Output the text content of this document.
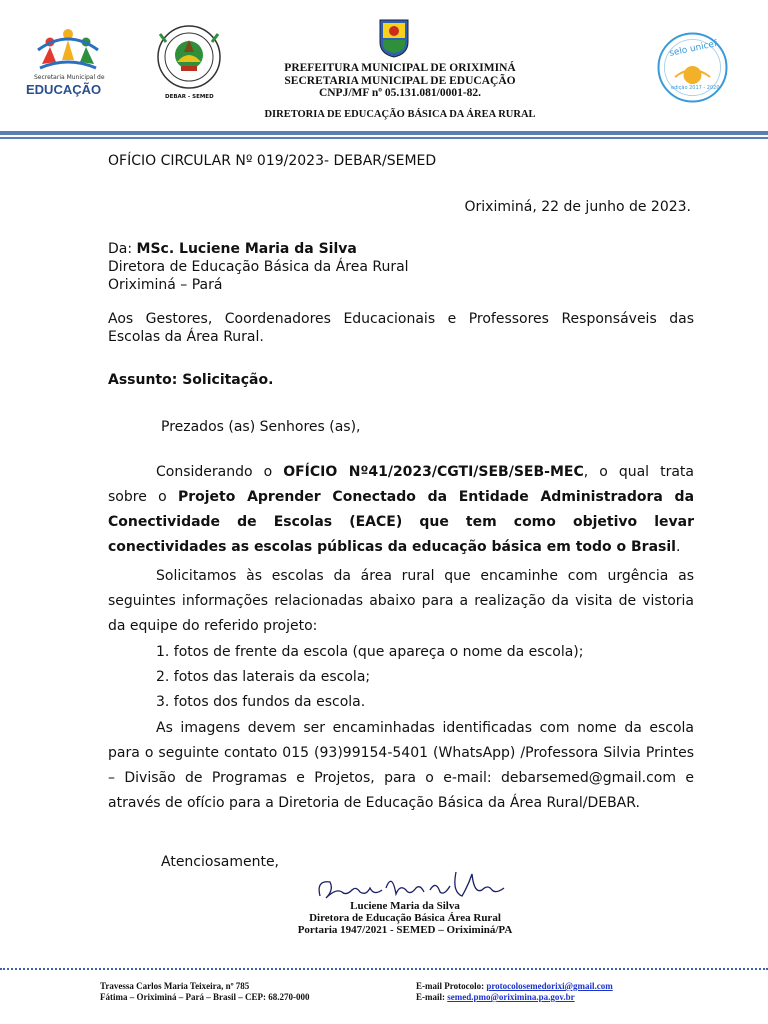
Secretaria Municipal de
EDUCAÇÃO	DEBAR - SEMED
selo unicef
edição 2017 - 2020
PREFEITURA MUNICIPAL DE ORIXIMINÁ
SECRETARIA MUNICIPAL DE EDUCAÇÃO
CNPJ/MF nº 05.131.081/0001-82.
DIRETORIA DE EDUCAÇÃO BÁSICA DA ÁREA RURAL
OFÍCIO CIRCULAR Nº 019/2023- DEBAR/SEMED
Oriximiná, 22 de junho de 2023.
Da: MSc. Luciene Maria da Silva
Diretora de Educação Básica da Área Rural
Oriximiná – Pará
Aos Gestores, Coordenadores Educacionais e Professores Responsáveis das Escolas da Área Rural.
Assunto: Solicitação.
Prezados (as) Senhores (as),
Considerando o OFÍCIO Nº41/2023/CGTI/SEB/SEB-MEC, o qual trata sobre o Projeto Aprender Conectado da Entidade Administradora da Conectividade de Escolas (EACE) que tem como objetivo levar conectividades as escolas públicas da educação básica em todo o Brasil.
Solicitamos às escolas da área rural que encaminhe com urgência as seguintes informações relacionadas abaixo para a realização da visita de vistoria da equipe do referido projeto:
1. fotos de frente da escola (que apareça o nome da escola);
2. fotos das laterais da escola;
3. fotos dos fundos da escola.
As imagens devem ser encaminhadas identificadas com nome da escola para o seguinte contato 015 (93)99154-5401 (WhatsApp) /Professora Silvia Printes – Divisão de Programas e Projetos, para o e-mail: debarsemed@gmail.com e através de ofício para a Diretoria de Educação Básica da Área Rural/DEBAR.
Atenciosamente,
Luciene Maria da Silva
Diretora de Educação Básica Área Rural
Portaria 1947/2021 - SEMED – Oriximiná/PA
Travessa Carlos Maria Teixeira, nº 785
Fátima – Oriximiná – Pará – Brasil – CEP: 68.270-000
E-mail Protocolo: protocolosemedorixi@gmail.com
E-mail: semed.pmo@oriximina.pa.gov.br
